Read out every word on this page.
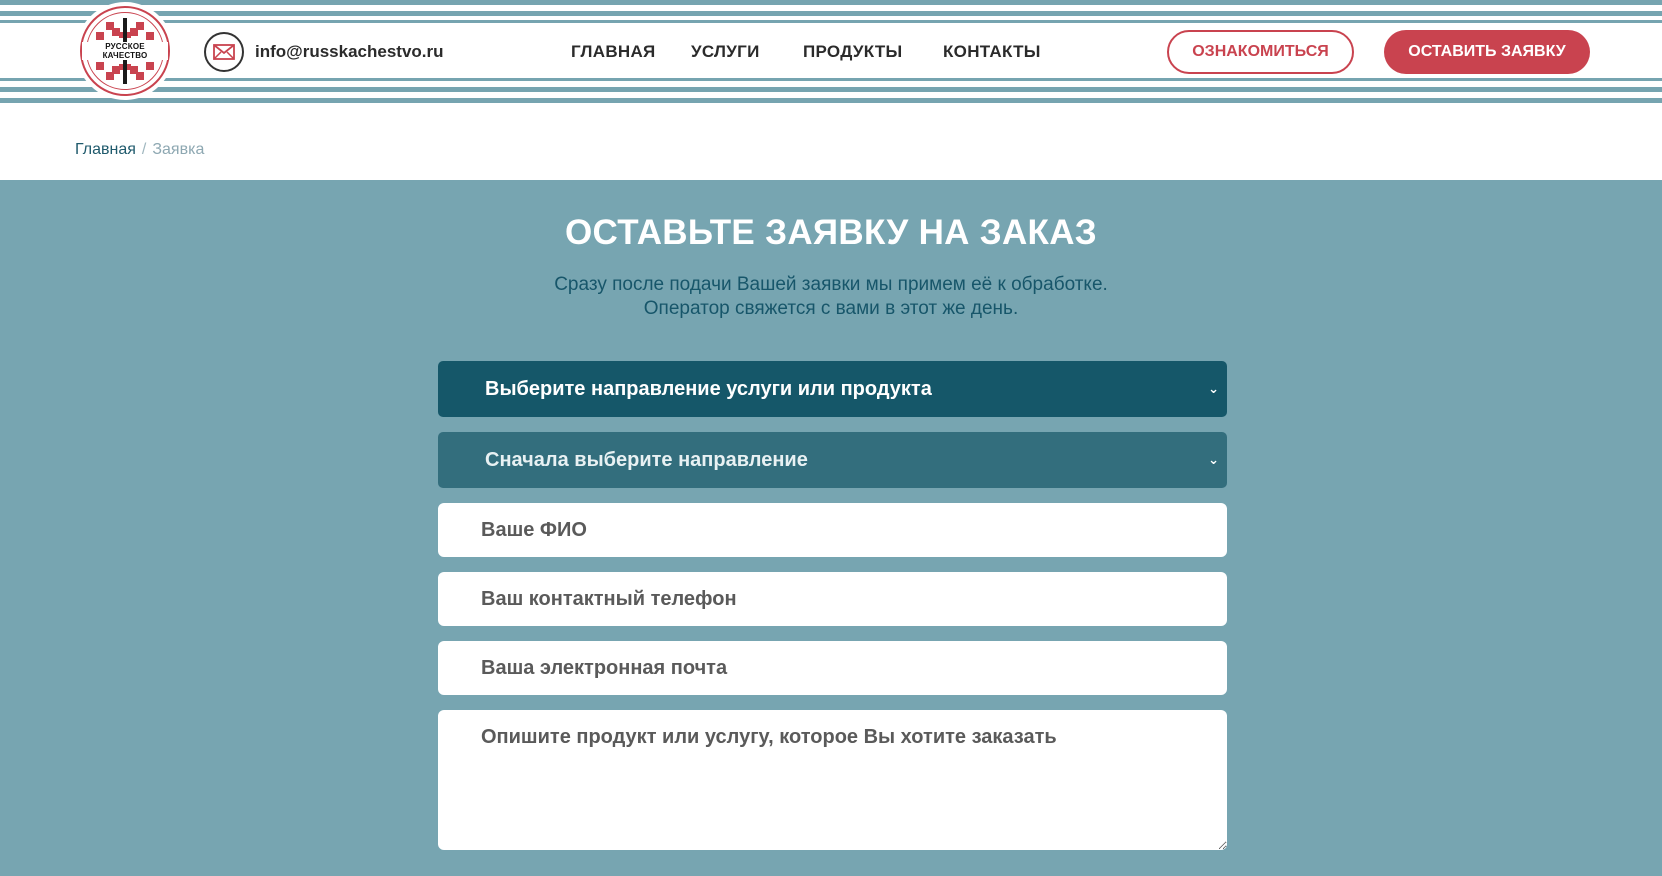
РУССКОЕ
КАЧЕСТВО	info@russkachestvo.ru	ГЛАВНАЯ УСЛУГИ	ПРОДУКТЫ КОНТАКТЫ	ОЗНАКОМИТЬСЯ	ОСТАВИТЬ ЗАЯВКУ
Главная / Заявка
ОСТАВЬТЕ ЗАЯВКУ НА ЗАКАЗ
Сразу после подачи Вашей заявки мы примем её к обработке.
Оператор свяжется с вами в этот же день.
Выберите направление услуги или продукта	⌄
Сначала выберите направление	⌄
Ваше ФИО
Ваш контактный телефон
Ваша электронная почта
Опишите продукт или услугу, которое Вы хотите заказать
